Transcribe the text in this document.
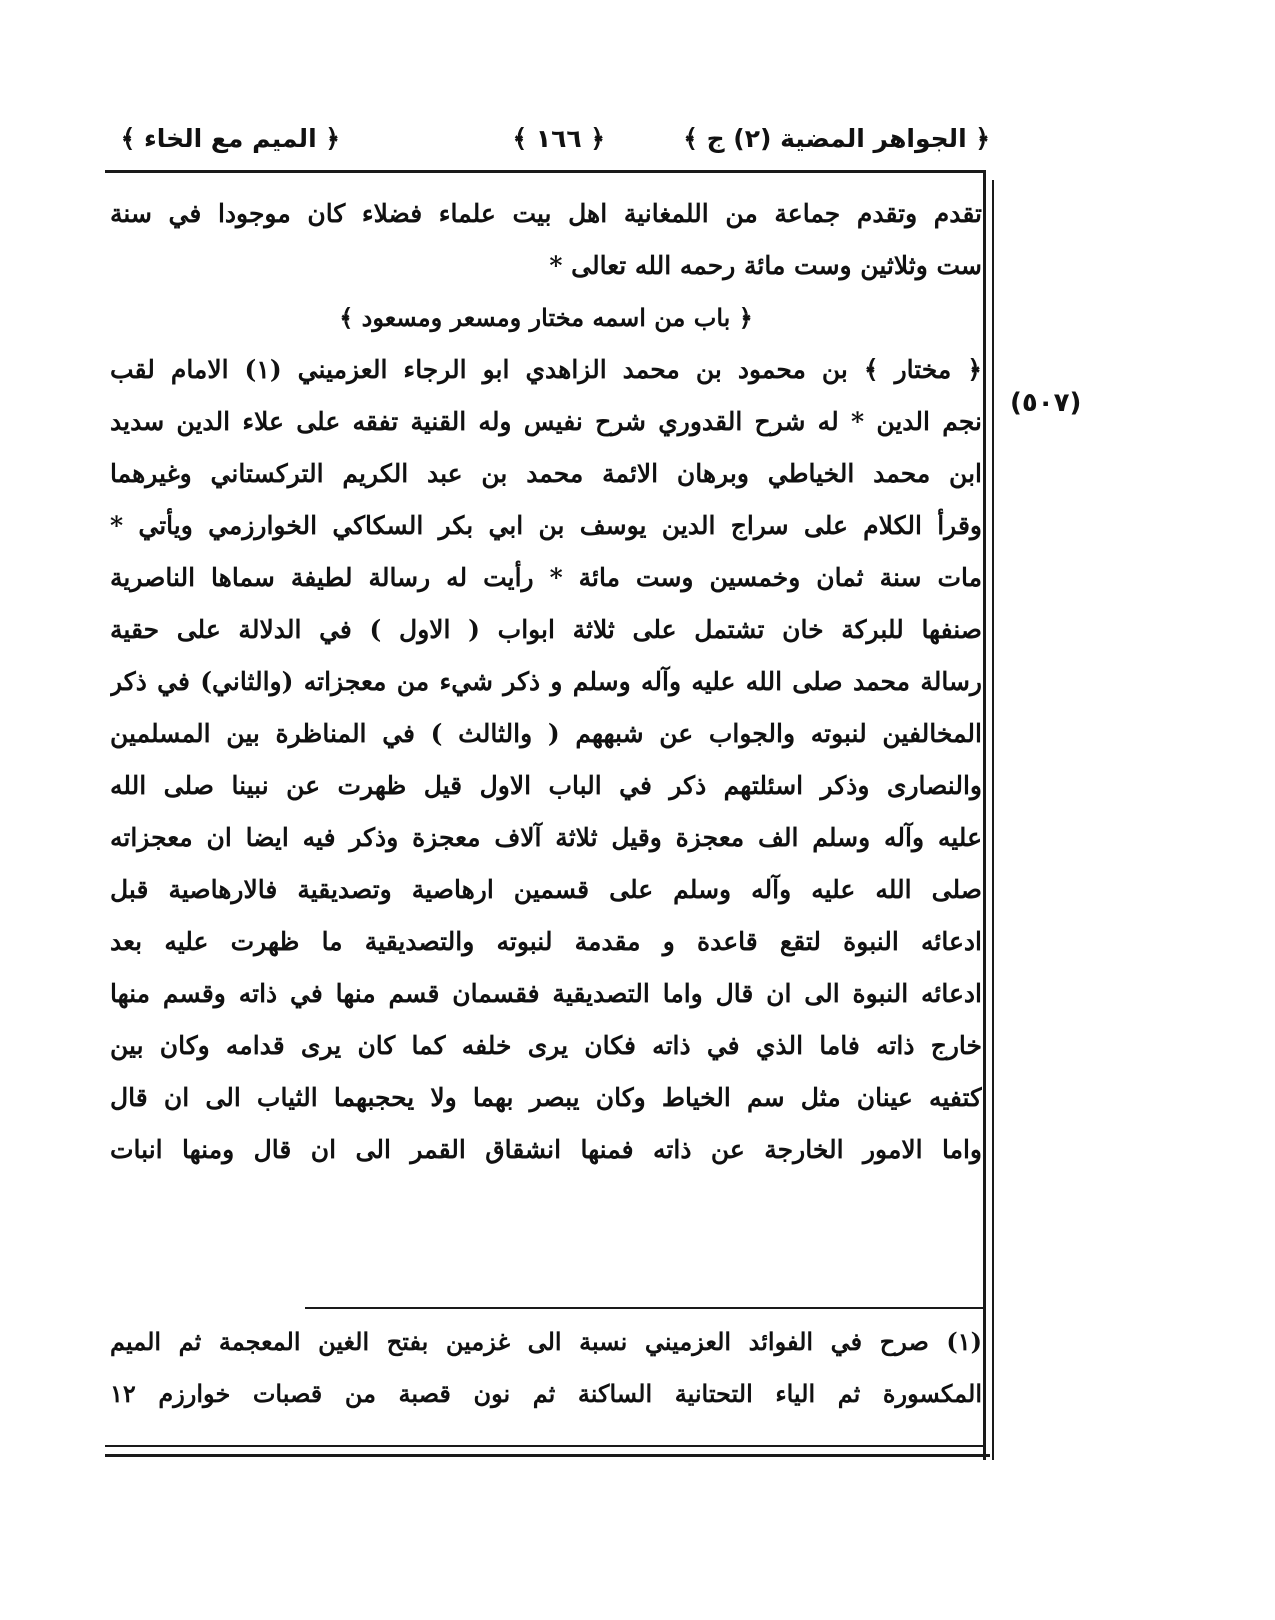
﴿ الجواهر المضية (٢) ج ﴾
﴿ ١٦٦ ﴾
﴿ الميم مع الخاء ﴾
(٥٠٧)
تقدم وتقدم جماعة من اللمغانية اهل بيت علماء فضلاء كان موجودا في سنة
ست وثلاثين وست مائة رحمه الله تعالى *
﴿ باب من اسمه مختار ومسعر ومسعود ﴾
﴿ مختار ﴾ بن محمود بن محمد الزاهدي ابو الرجاء العزميني (١) الامام لقب
نجم الدين * له شرح القدوري شرح نفيس وله القنية تفقه على علاء الدين سديد
ابن محمد الخياطي وبرهان الائمة محمد بن عبد الكريم التركستاني وغيرهما
وقرأ الكلام على سراج الدين يوسف بن ابي بكر السكاكي الخوارزمي ويأتي *
مات سنة ثمان وخمسين وست مائة * رأيت له رسالة لطيفة سماها الناصرية
صنفها للبركة خان تشتمل على ثلاثة ابواب ( الاول ) في الدلالة على حقية
رسالة محمد صلى الله عليه وآله وسلم و ذكر شيء من معجزاته (والثاني) في ذكر
المخالفين لنبوته والجواب عن شبههم ( والثالث ) في المناظرة بين المسلمين
والنصارى وذكر اسئلتهم ذكر في الباب الاول قيل ظهرت عن نبينا صلى الله
عليه وآله وسلم الف معجزة وقيل ثلاثة آلاف معجزة وذكر فيه ايضا ان معجزاته
صلى الله عليه وآله وسلم على قسمين ارهاصية وتصديقية فالارهاصية قبل
ادعائه النبوة لتقع قاعدة و مقدمة لنبوته والتصديقية ما ظهرت عليه بعد
ادعائه النبوة الى ان قال واما التصديقية فقسمان قسم منها في ذاته وقسم منها
خارج ذاته فاما الذي في ذاته فكان يرى خلفه كما كان يرى قدامه وكان بين
كتفيه عينان مثل سم الخياط وكان يبصر بهما ولا يحجبهما الثياب الى ان قال
واما الامور الخارجة عن ذاته فمنها انشقاق القمر الى ان قال ومنها انبات
(١) صرح في الفوائد العزميني نسبة الى غزمين بفتح الغين المعجمة ثم الميم
المكسورة ثم الياء التحتانية الساكنة ثم نون قصبة من قصبات خوارزم ١٢
